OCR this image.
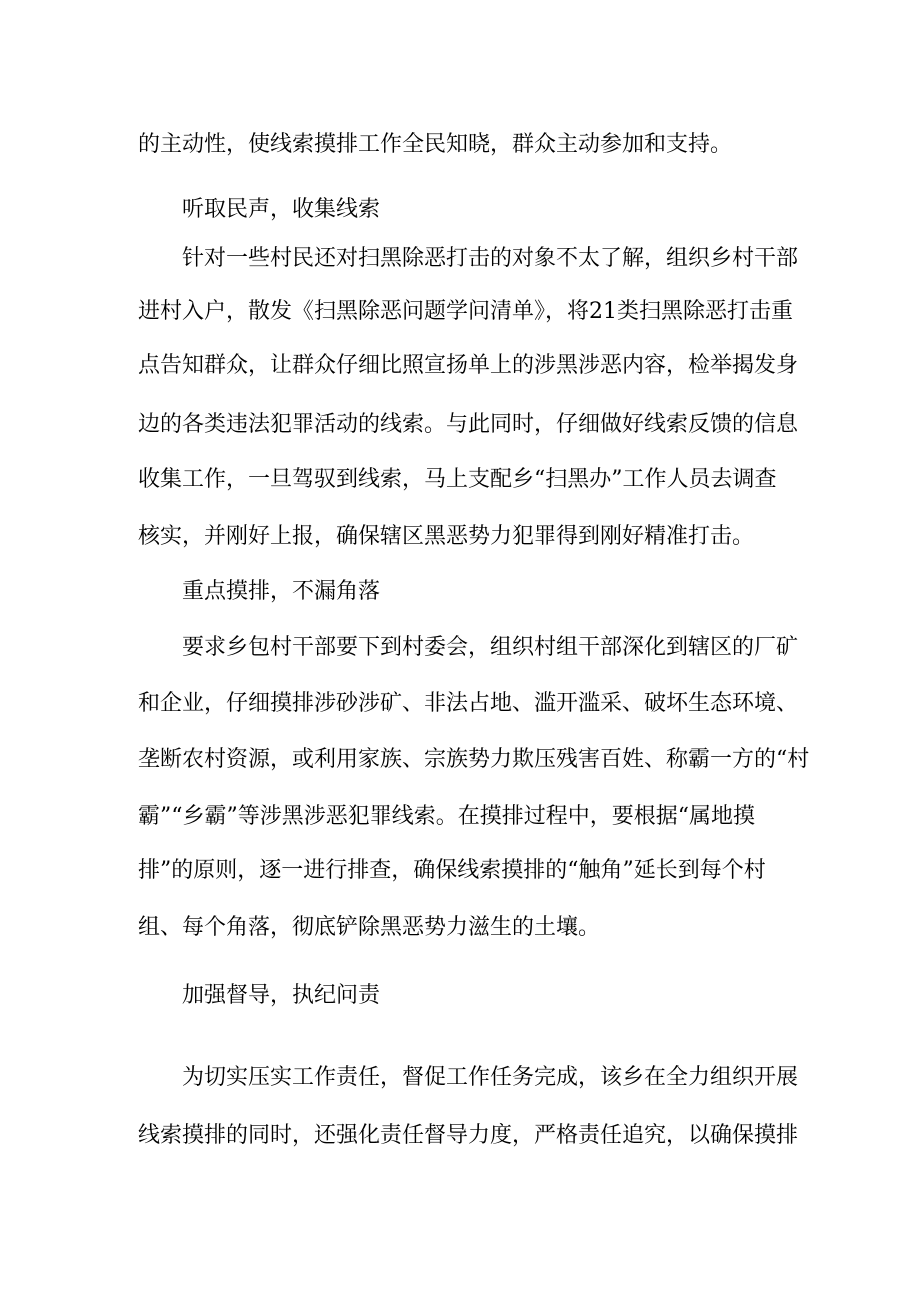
的主动性，使线索摸排工作全民知晓，群众主动参加和支持。
听取民声，收集线索
针对一些村民还对扫黑除恶打击的对象不太了解，组织乡村干部
进村入户，散发《扫黑除恶问题学问清单》，将21类扫黑除恶打击重
点告知群众，让群众仔细比照宣扬单上的涉黑涉恶内容，检举揭发身
边的各类违法犯罪活动的线索。与此同时，仔细做好线索反馈的信息
收集工作，一旦驾驭到线索，马上支配乡“扫黑办”工作人员去调查
核实，并刚好上报，确保辖区黑恶势力犯罪得到刚好精准打击。
重点摸排，不漏角落
要求乡包村干部要下到村委会，组织村组干部深化到辖区的厂矿
和企业，仔细摸排涉砂涉矿、非法占地、滥开滥采、破坏生态环境、
垄断农村资源，或利用家族、宗族势力欺压残害百姓、称霸一方的“村
霸”“乡霸”等涉黑涉恶犯罪线索。在摸排过程中，要根据“属地摸
排”的原则，逐一进行排查，确保线索摸排的“触角”延长到每个村
组、每个角落，彻底铲除黑恶势力滋生的土壤。
加强督导，执纪问责
为切实压实工作责任，督促工作任务完成，该乡在全力组织开展
线索摸排的同时，还强化责任督导力度，严格责任追究，以确保摸排
